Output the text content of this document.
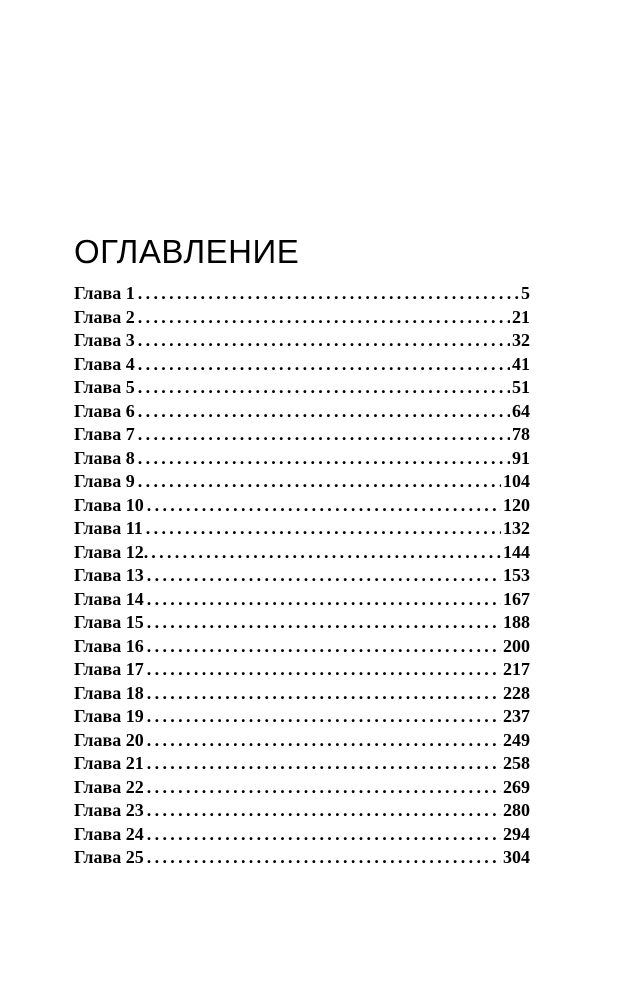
ОГЛАВЛЕНИЕ
Глава 1 .....	5
Глава 2 .....	21
Глава 3 .....	32
Глава 4 .....	41
Глава 5 .....	51
Глава 6 .....	64
Глава 7 .....	78
Глава 8 .....	91
Глава 9 .....	104
Глава 10 .....	120
Глава 11 .....	132
Глава 12. .....	144
Глава 13 .....	153
Глава 14 .....	167
Глава 15 .....	188
Глава 16 .....	200
Глава 17 .....	217
Глава 18 .....	228
Глава 19 .....	237
Глава 20 .....	249
Глава 21 .....	258
Глава 22 .....	269
Глава 23 .....	280
Глава 24 .....	294
Глава 25 .....	304
